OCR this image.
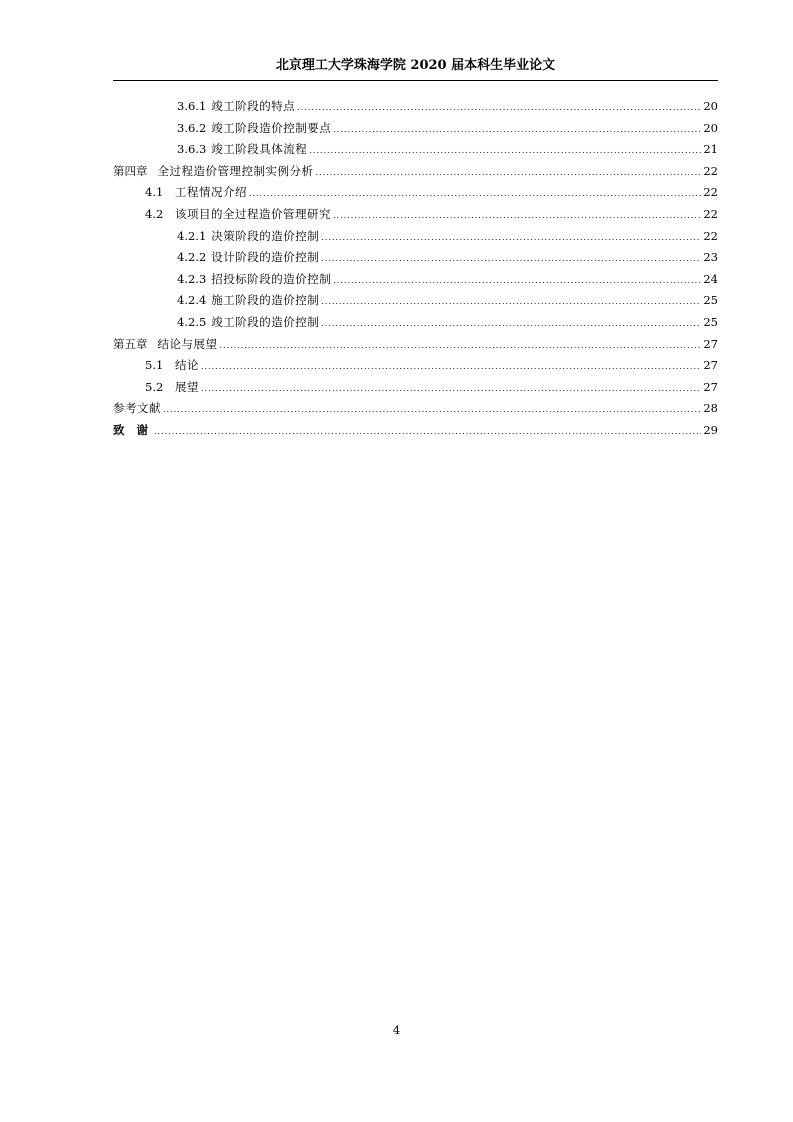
北京理工大学珠海学院 2020 届本科生毕业论文
3.6.1 竣工阶段的特点 .....	20
3.6.2 竣工阶段造价控制要点 .....	20
3.6.3 竣工阶段具体流程 .....	21
第四章 全过程造价管理控制实例分析 .....	22
4.1	工程情况介绍 .....	22
4.2	该项目的全过程造价管理研究 .....	22
4.2.1 决策阶段的造价控制 .....	22
4.2.2 设计阶段的造价控制 .....	23
4.2.3 招投标阶段的造价控制 .....	24
4.2.4 施工阶段的造价控制 .....	25
4.2.5 竣工阶段的造价控制 .....	25
第五章 结论与展望 .....	27
5.1	结论 .....	27
5.2	展望 .....	27
参考文献 .....	28
致 谢 .....	29
4
